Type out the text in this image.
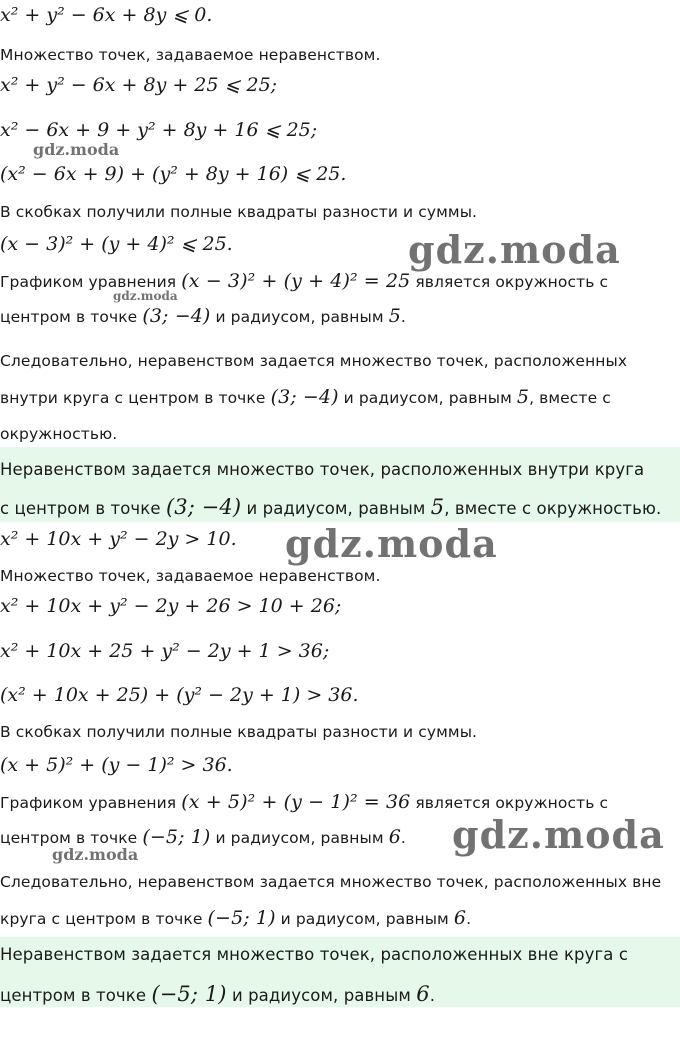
x² + y² − 6x + 8y ⩽ 0.
Множество точек, задаваемое неравенством.
x² + y² − 6x + 8y + 25 ⩽ 25;
x² − 6x + 9 + y² + 8y + 16 ⩽ 25;
(x² − 6x + 9) + (y² + 8y + 16) ⩽ 25.
В скобках получили полные квадраты разности и суммы.
(x − 3)² + (y + 4)² ⩽ 25.
Графиком уравнения (x − 3)² + (y + 4)² = 25 является окружность с
центром в точке (3; −4) и радиусом, равным 5.
Следовательно, неравенством задается множество точек, расположенных
внутри круга с центром в точке (3; −4) и радиусом, равным 5, вместе с
окружностью.
Неравенством задается множество точек, расположенных внутри круга
с центром в точке (3; −4) и радиусом, равным 5, вместе с окружностью.
x² + 10x + y² − 2y > 10.
Множество точек, задаваемое неравенством.
x² + 10x + y² − 2y + 26 > 10 + 26;
x² + 10x + 25 + y² − 2y + 1 > 36;
(x² + 10x + 25) + (y² − 2y + 1) > 36.
В скобках получили полные квадраты разности и суммы.
(x + 5)² + (y − 1)² > 36.
Графиком уравнения (x + 5)² + (y − 1)² = 36 является окружность с
центром в точке (−5; 1) и радиусом, равным 6.
Следовательно, неравенством задается множество точек, расположенных вне
круга с центром в точке (−5; 1) и радиусом, равным 6.
Неравенством задается множество точек, расположенных вне круга с
центром в точке (−5; 1) и радиусом, равным 6.
gdz.moda
gdz.moda
gdz.moda
gdz.moda
gdz.moda
gdz.moda
